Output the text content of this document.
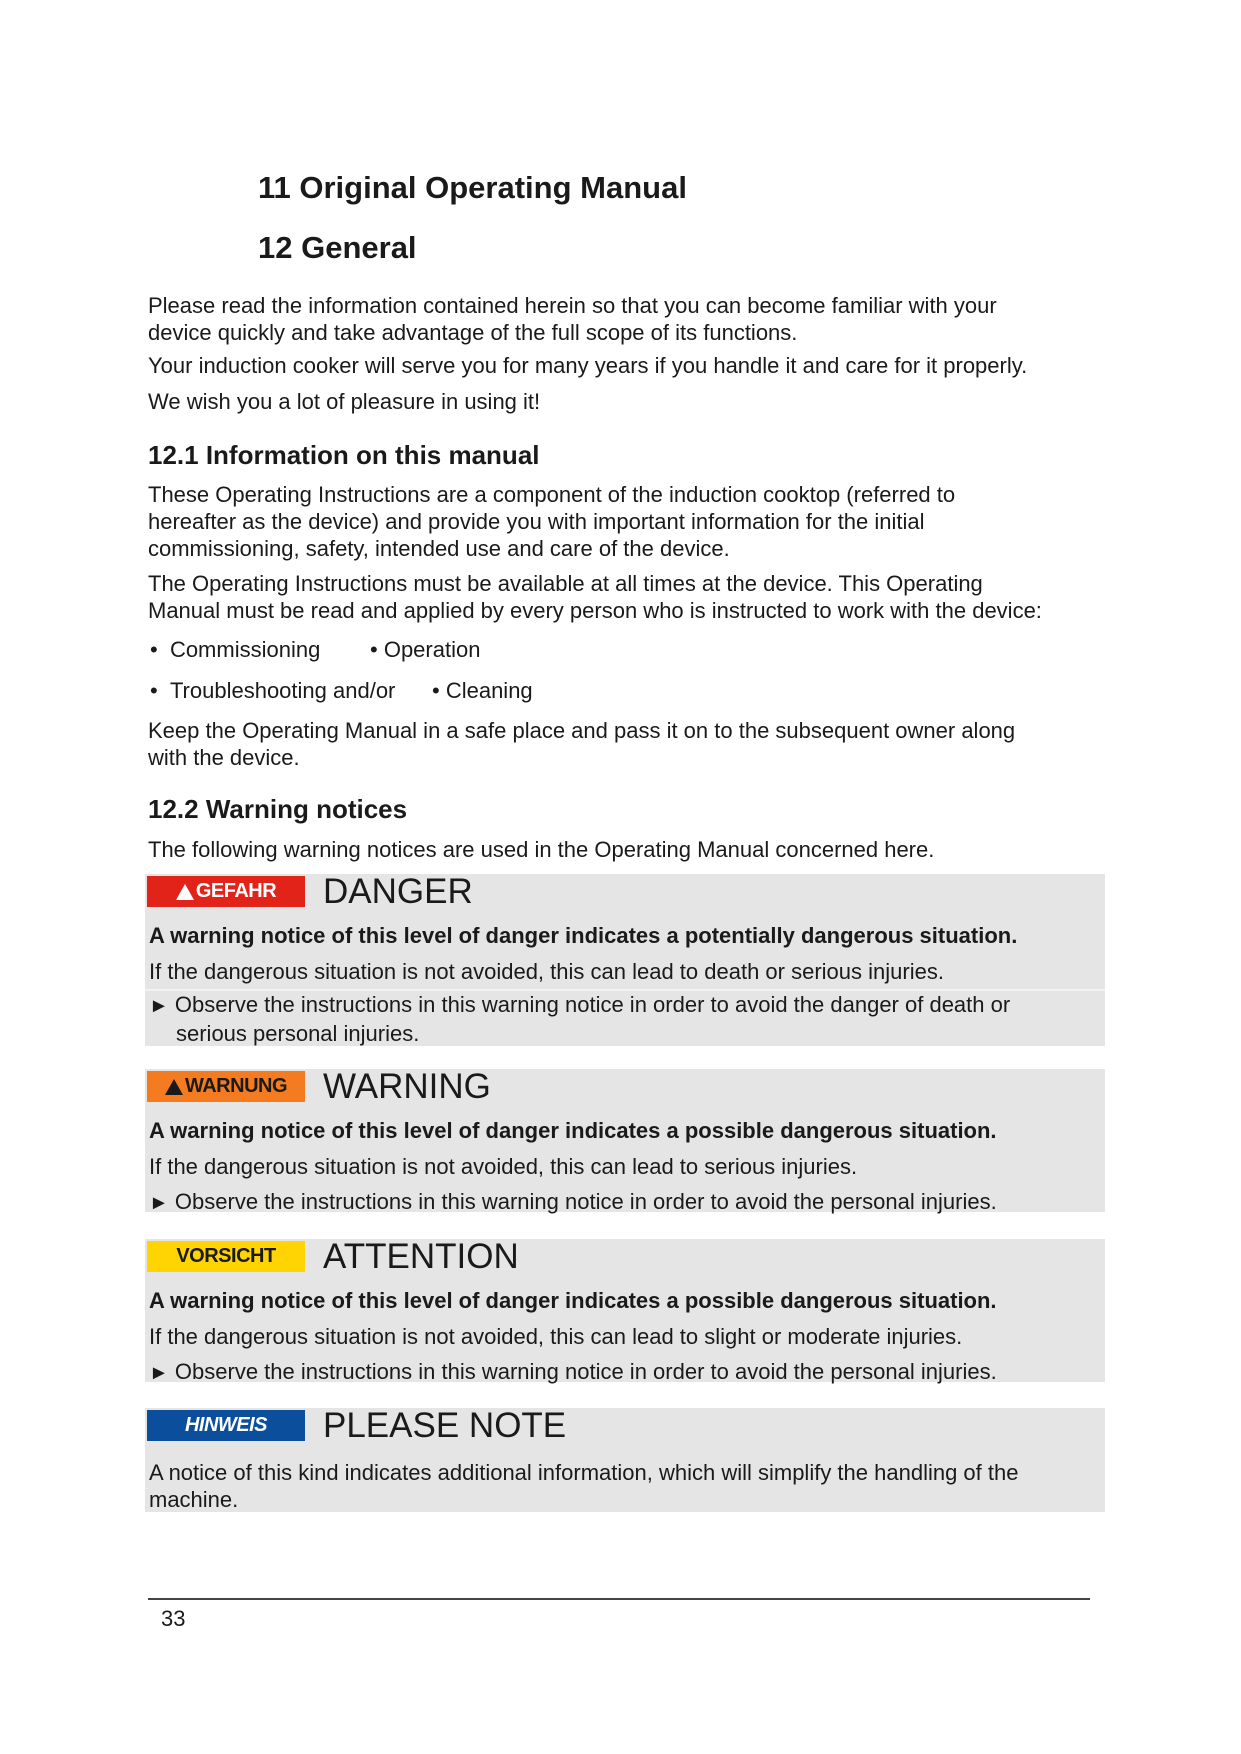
11 Original Operating Manual
12 General
Please read the information contained herein so that you can become familiar with your
device quickly and take advantage of the full scope of its functions.
Your induction cooker will serve you for many years if you handle it and care for it properly.
We wish you a lot of pleasure in using it!
12.1 Information on this manual
These Operating Instructions are a component of the induction cooktop (referred to
hereafter as the device) and provide you with important information for the initial
commissioning, safety, intended use and care of the device.
The Operating Instructions must be available at all times at the device. This Operating
Manual must be read and applied by every person who is instructed to work with the device:
• Commissioning • Operation
• Troubleshooting and/or • Cleaning
Keep the Operating Manual in a safe place and pass it on to the subsequent owner along
with the device.
12.2 Warning notices
The following warning notices are used in the Operating Manual concerned here.
GEFAHR DANGER
A warning notice of this level of danger indicates a potentially dangerous situation.
If the dangerous situation is not avoided, this can lead to death or serious injuries.
► Observe the instructions in this warning notice in order to avoid the danger of death or
serious personal injuries.
WARNUNG WARNING
A warning notice of this level of danger indicates a possible dangerous situation.
If the dangerous situation is not avoided, this can lead to serious injuries.
► Observe the instructions in this warning notice in order to avoid the personal injuries.
VORSICHT ATTENTION
A warning notice of this level of danger indicates a possible dangerous situation.
If the dangerous situation is not avoided, this can lead to slight or moderate injuries.
► Observe the instructions in this warning notice in order to avoid the personal injuries.
HINWEIS PLEASE NOTE
A notice of this kind indicates additional information, which will simplify the handling of the
machine.
33
